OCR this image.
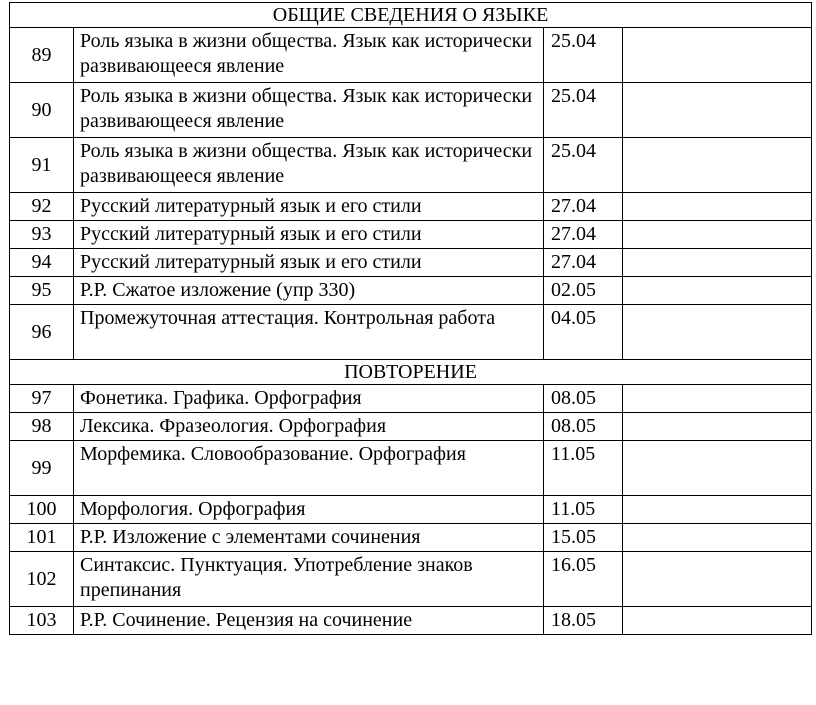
ОБЩИЕ СВЕДЕНИЯ О ЯЗЫКЕ			
89	Роль языка в жизни общества. Язык как исторически развивающееся явление	25.04	
90	Роль языка в жизни общества. Язык как исторически развивающееся явление	25.04	
91	Роль языка в жизни общества. Язык как исторически развивающееся явление	25.04	
92	Русский литературный язык и его стили	27.04	
93	Русский литературный язык и его стили	27.04	
94	Русский литературный язык и его стили	27.04	
95	Р.Р. Сжатое изложение (упр 330)	02.05	
96	Промежуточная аттестация. Контрольная работа	04.05	
ПОВТОРЕНИЕ			
97	Фонетика. Графика. Орфография	08.05	
98	Лексика. Фразеология. Орфография	08.05	
99	Морфемика. Словообразование. Орфография	11.05	
100	Морфология. Орфография	11.05	
101	Р.Р. Изложение с элементами сочинения	15.05	
102	Синтаксис. Пунктуация. Употребление знаков препинания	16.05	
103	Р.Р. Сочинение. Рецензия на сочинение	18.05	
